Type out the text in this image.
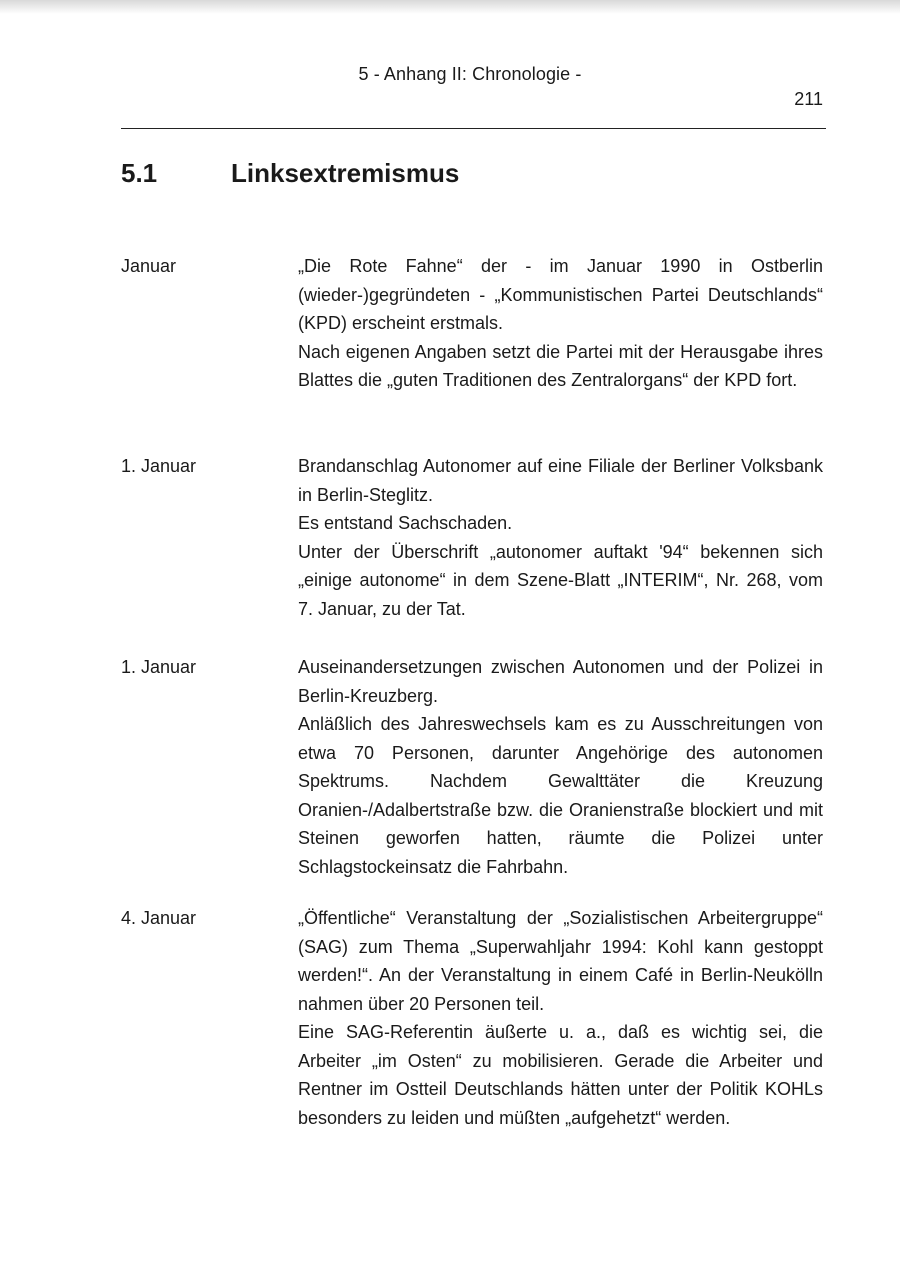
5 - Anhang II: Chronologie -
211
5.1	Linksextremismus
Januar	„Die Rote Fahne“ der - im Januar 1990 in Ostberlin (wieder-)gegründeten - „Kommunistischen Partei Deutschlands“ (KPD) erscheint erstmals.

Nach eigenen Angaben setzt die Partei mit der Herausgabe ihres Blattes die „guten Traditionen des Zentralorgans“ der KPD fort.

1. Januar	Brandanschlag Autonomer auf eine Filiale der Berliner Volksbank in Berlin-Steglitz.

Es entstand Sachschaden.

Unter der Überschrift „autonomer auftakt '94“ bekennen sich „einige autonome“ in dem Szene-Blatt „INTERIM“, Nr. 268, vom 7. Januar, zu der Tat.

1. Januar	Auseinandersetzungen zwischen Autonomen und der Polizei in Berlin-Kreuzberg.

Anläßlich des Jahreswechsels kam es zu Ausschreitungen von etwa 70 Personen, darunter Angehörige des autonomen Spektrums. Nachdem Gewalttäter die Kreuzung Oranien-/Adalbertstraße bzw. die Oranienstraße blockiert und mit Steinen geworfen hatten, räumte die Polizei unter Schlagstockeinsatz die Fahrbahn.

4. Januar	„Öffentliche“ Veranstaltung der „Sozialistischen Arbeitergruppe“ (SAG) zum Thema „Superwahljahr 1994: Kohl kann gestoppt werden!“. An der Veranstaltung in einem Café in Berlin-Neukölln nahmen über 20 Personen teil.

Eine SAG-Referentin äußerte u. a., daß es wichtig sei, die Arbeiter „im Osten“ zu mobilisieren. Gerade die Arbeiter und Rentner im Ostteil Deutschlands hätten unter der Politik KOHLs besonders zu leiden und müßten „aufgehetzt“ werden.
